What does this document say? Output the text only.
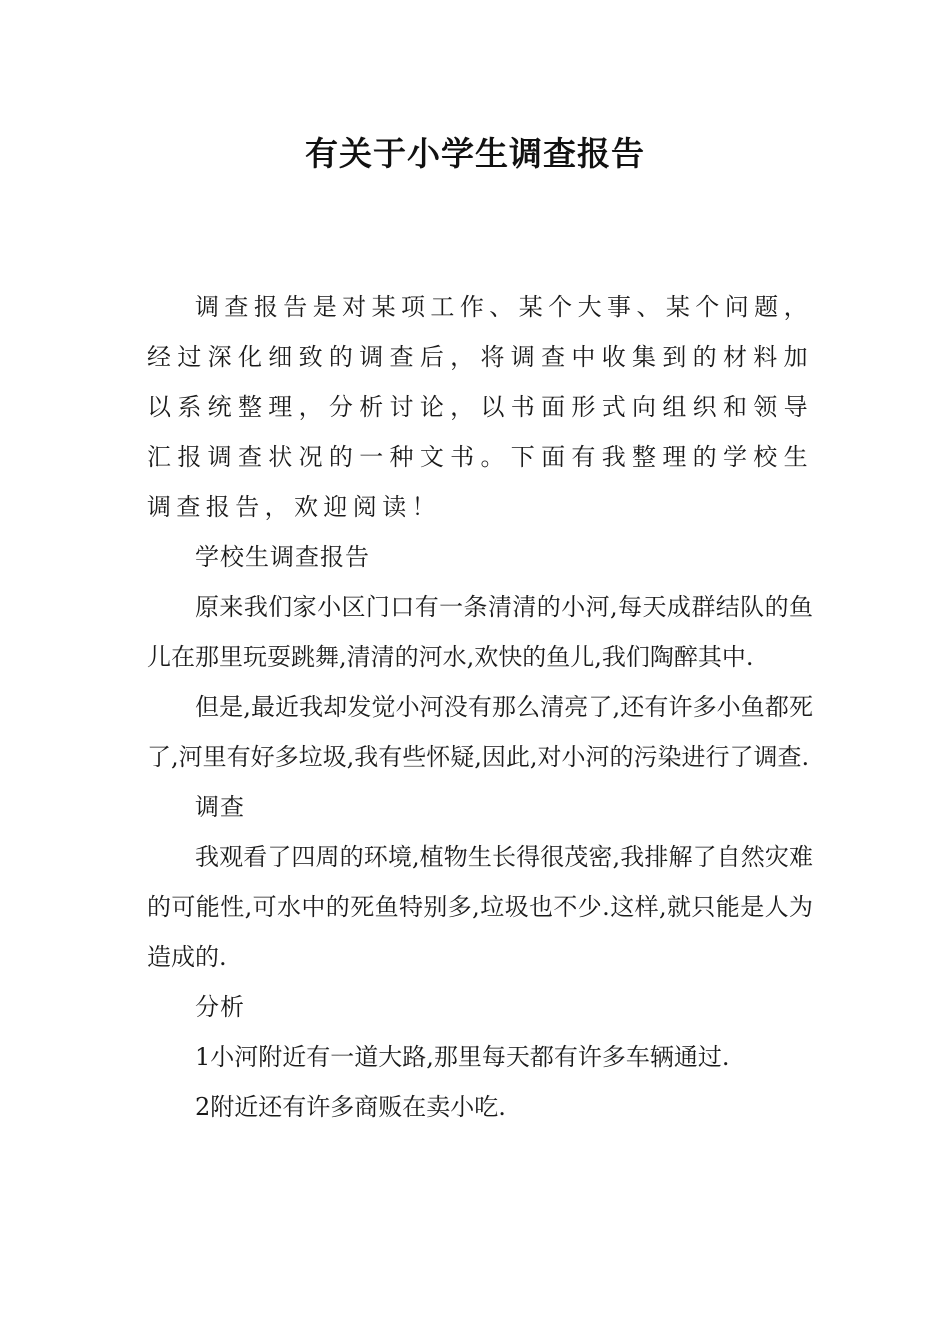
有关于小学生调查报告

调查报告是对某项工作、某个大事、某个问题，经过深化细致的调查后，将调查中收集到的材料加以系统整理，分析讨论，以书面形式向组织和领导汇报调查状况的一种文书。下面有我整理的学校生调查报告，欢迎阅读！

学校生调查报告

原来我们家小区门口有一条清清的小河,每天成群结队的鱼儿在那里玩耍跳舞,清清的河水,欢快的鱼儿,我们陶醉其中.

但是,最近我却发觉小河没有那么清亮了,还有许多小鱼都死了,河里有好多垃圾,我有些怀疑,因此,对小河的污染进行了调查.

调查

我观看了四周的环境,植物生长得很茂密,我排解了自然灾难的可能性,可水中的死鱼特别多,垃圾也不少.这样,就只能是人为造成的.

分析

1小河附近有一道大路,那里每天都有许多车辆通过.

2附近还有许多商贩在卖小吃.
